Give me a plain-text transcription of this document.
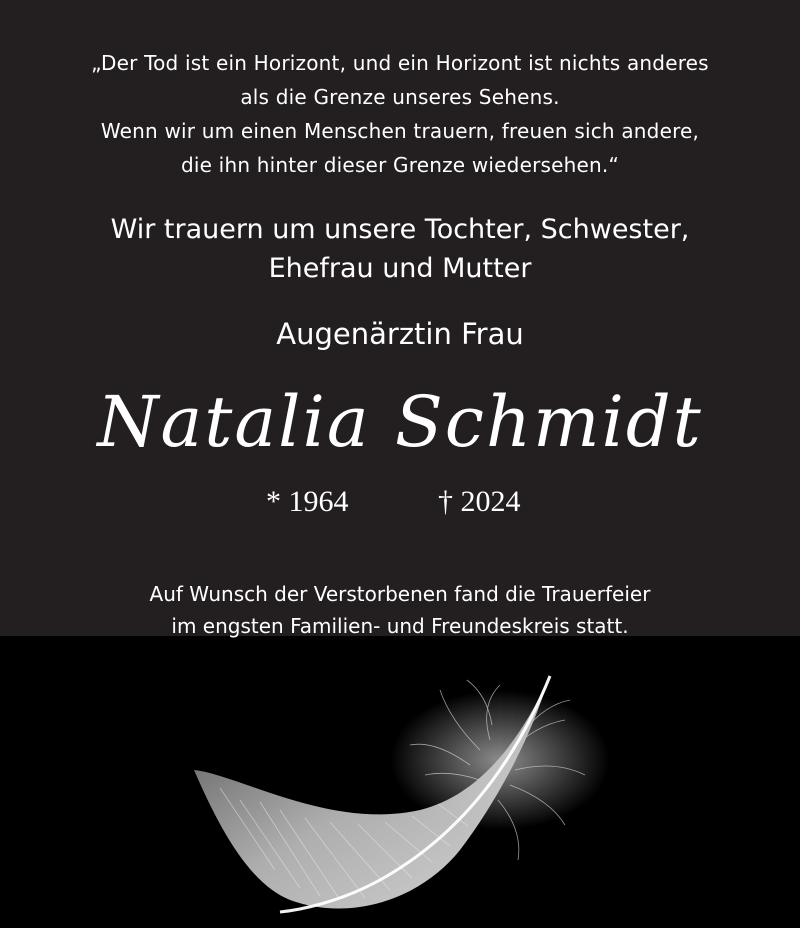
„Der Tod ist ein Horizont, und ein Horizont ist nichts anderes
als die Grenze unseres Sehens.
Wenn wir um einen Menschen trauern, freuen sich andere,
die ihn hinter dieser Grenze wiedersehen.“
Wir trauern um unsere Tochter, Schwester,
Ehefrau und Mutter
Augenärztin Frau
Natalia Schmidt
* 1964	† 2024
Auf Wunsch der Verstorbenen fand die Trauerfeier
im engsten Familien- und Freundeskreis statt.
